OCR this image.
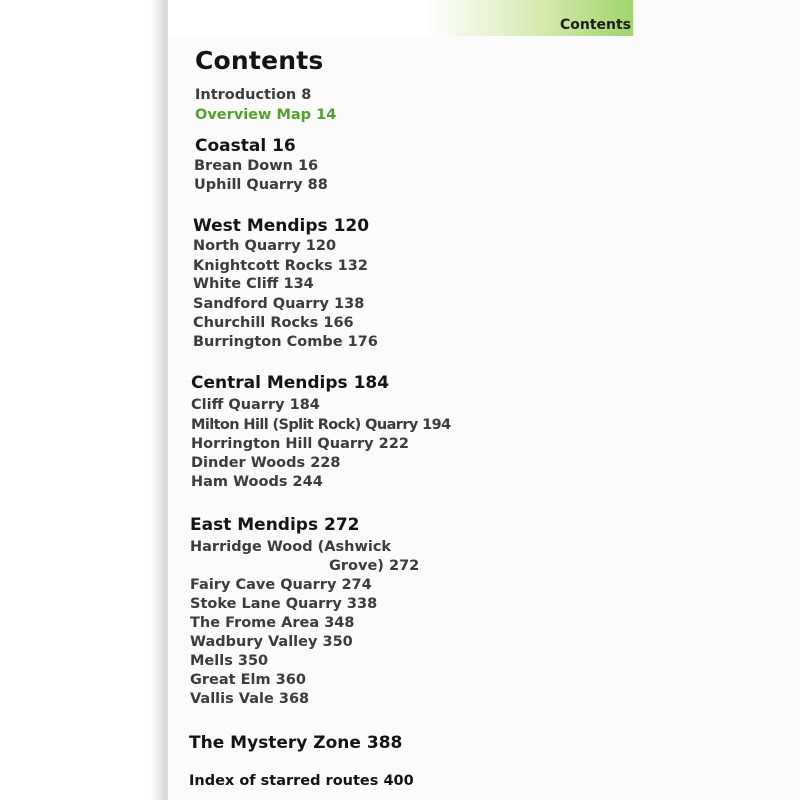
Contents
Contents
Introduction 8
Overview Map 14
Coastal 16
Brean Down 16
Uphill Quarry 88
West Mendips 120
North Quarry 120
Knightcott Rocks 132
White Cliff 134
Sandford Quarry 138
Churchill Rocks 166
Burrington Combe 176
Central Mendips 184
Cliff Quarry 184
Milton Hill (Split Rock) Quarry 194
Horrington Hill Quarry 222
Dinder Woods 228
Ham Woods 244
East Mendips 272
Harridge Wood (Ashwick
Grove) 272
Fairy Cave Quarry 274
Stoke Lane Quarry 338
The Frome Area 348
Wadbury Valley 350
Mells 350
Great Elm 360
Vallis Vale 368
The Mystery Zone 388
Index of starred routes 400
